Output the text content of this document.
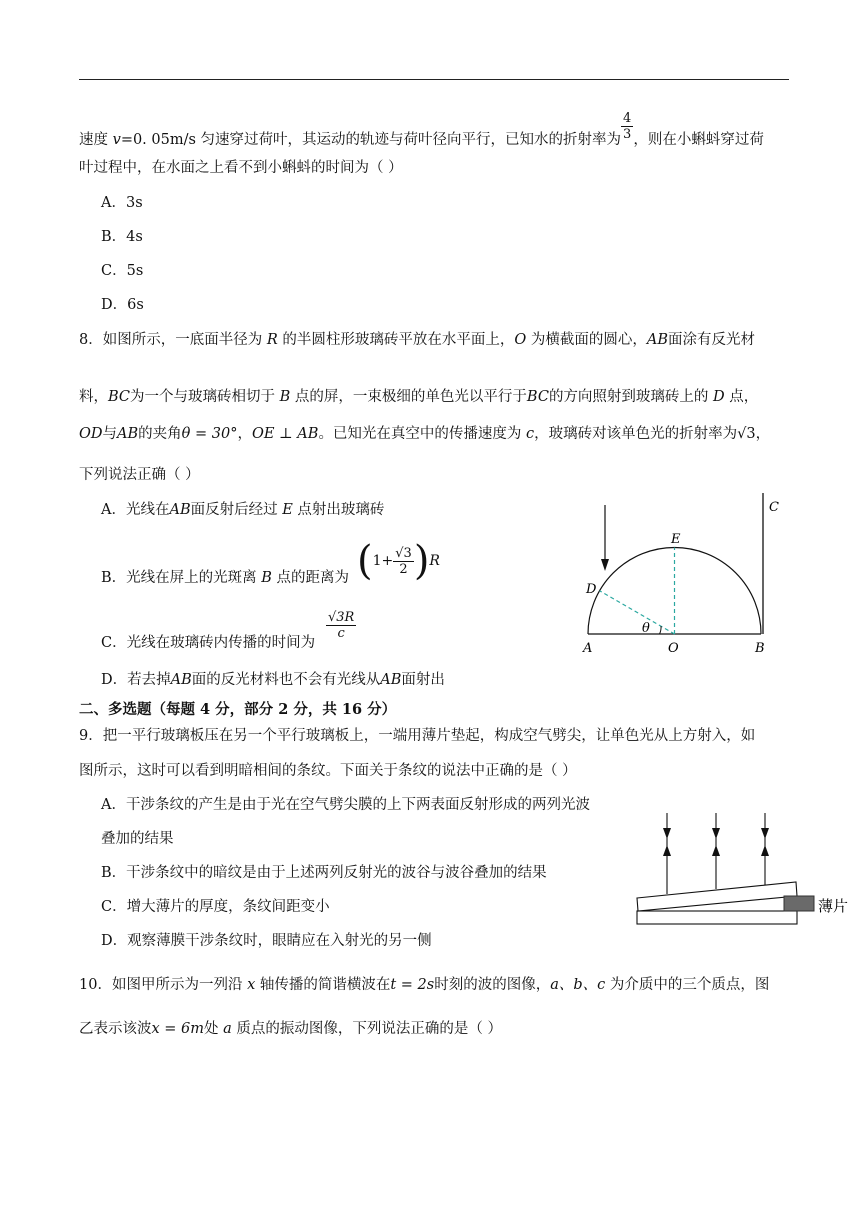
速度 v=0. 05m/s 匀速穿过荷叶，其运动的轨迹与荷叶径向平行，已知水的折射率为 $\frac{4}{3}$ ，则在小蝌蚪穿过荷
叶过程中，在水面之上看不到小蝌蚪的时间为（ ）
A．3s
B．4s
C．5s
D．6s
8．如图所示，一底面半径为 R 的半圆柱形玻璃砖平放在水平面上，O 为横截面的圆心，AB面涂有反光材
料，BC为一个与玻璃砖相切于 B 点的屏，一束极细的单色光以平行于BC的方向照射到玻璃砖上的 D 点，
OD与AB的夹角θ = 30°，OE ⊥ AB。已知光在真空中的传播速度为 c，玻璃砖对该单色光的折射率为√3，
下列说法正确（ ）
A．光线在AB面反射后经过 E 点射出玻璃砖
B．光线在屏上的光斑离 B 点的距离为 ( $1+ \frac{√3}{2}$ ) R
C．光线在玻璃砖内传播的时间为
$\frac{√3R}{c}$
D．若去掉AB面的反光材料也不会有光线从AB面射出
A	O	B
C
E
D
θ
二、多选题（每题 4 分，部分 2 分，共 16 分）
9．把一平行玻璃板压在另一个平行玻璃板上，一端用薄片垫起，构成空气劈尖，让单色光从上方射入，如
图所示，这时可以看到明暗相间的条纹。下面关于条纹的说法中正确的是（ ）
A．干涉条纹的产生是由于光在空气劈尖膜的上下两表面反射形成的两列光波
叠加的结果
B．干涉条纹中的暗纹是由于上述两列反射光的波谷与波谷叠加的结果
C．增大薄片的厚度，条纹间距变小
D．观察薄膜干涉条纹时，眼睛应在入射光的另一侧
薄片
10．如图甲所示为一列沿 x 轴传播的简谐横波在t = 2s时刻的波的图像，a、b、c 为介质中的三个质点，图
乙表示该波x = 6m处 a 质点的振动图像，下列说法正确的是（ ）
